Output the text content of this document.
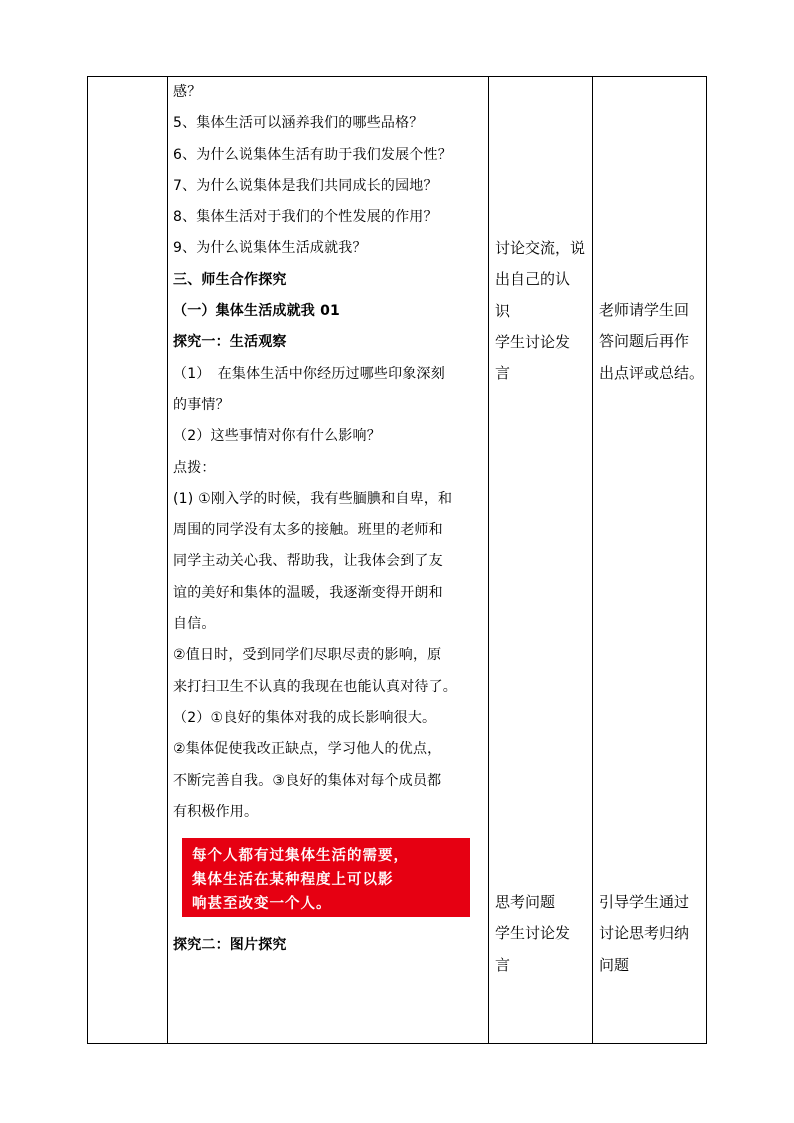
感？
5、集体生活可以涵养我们的哪些品格？
6、为什么说集体生活有助于我们发展个性？
7、为什么说集体是我们共同成长的园地？
8、集体生活对于我们的个性发展的作用？
9、为什么说集体生活成就我？
三、师生合作探究
（一）集体生活成就我 01
探究一：生活观察
（1）　在集体生活中你经历过哪些印象深刻
的事情？
（2）这些事情对你有什么影响？
点拨：
(1) ①刚入学的时候，我有些腼腆和自卑，和
周围的同学没有太多的接触。班里的老师和
同学主动关心我、帮助我，让我体会到了友
谊的美好和集体的温暖，我逐渐变得开朗和
自信。
②值日时，受到同学们尽职尽责的影响，原
来打扫卫生不认真的我现在也能认真对待了。
（2）①良好的集体对我的成长影响很大。
②集体促使我改正缺点，学习他人的优点，
不断完善自我。③良好的集体对每个成员都
有积极作用。
每个人都有过集体生活的需要，
集体生活在某种程度上可以影
响甚至改变一个人。
探究二：图片探究
讨论交流，说
出自己的认
识
学生讨论发
言
思考问题
学生讨论发
言
老师请学生回
答问题后再作
出点评或总结。
引导学生通过
讨论思考归纳
问题
